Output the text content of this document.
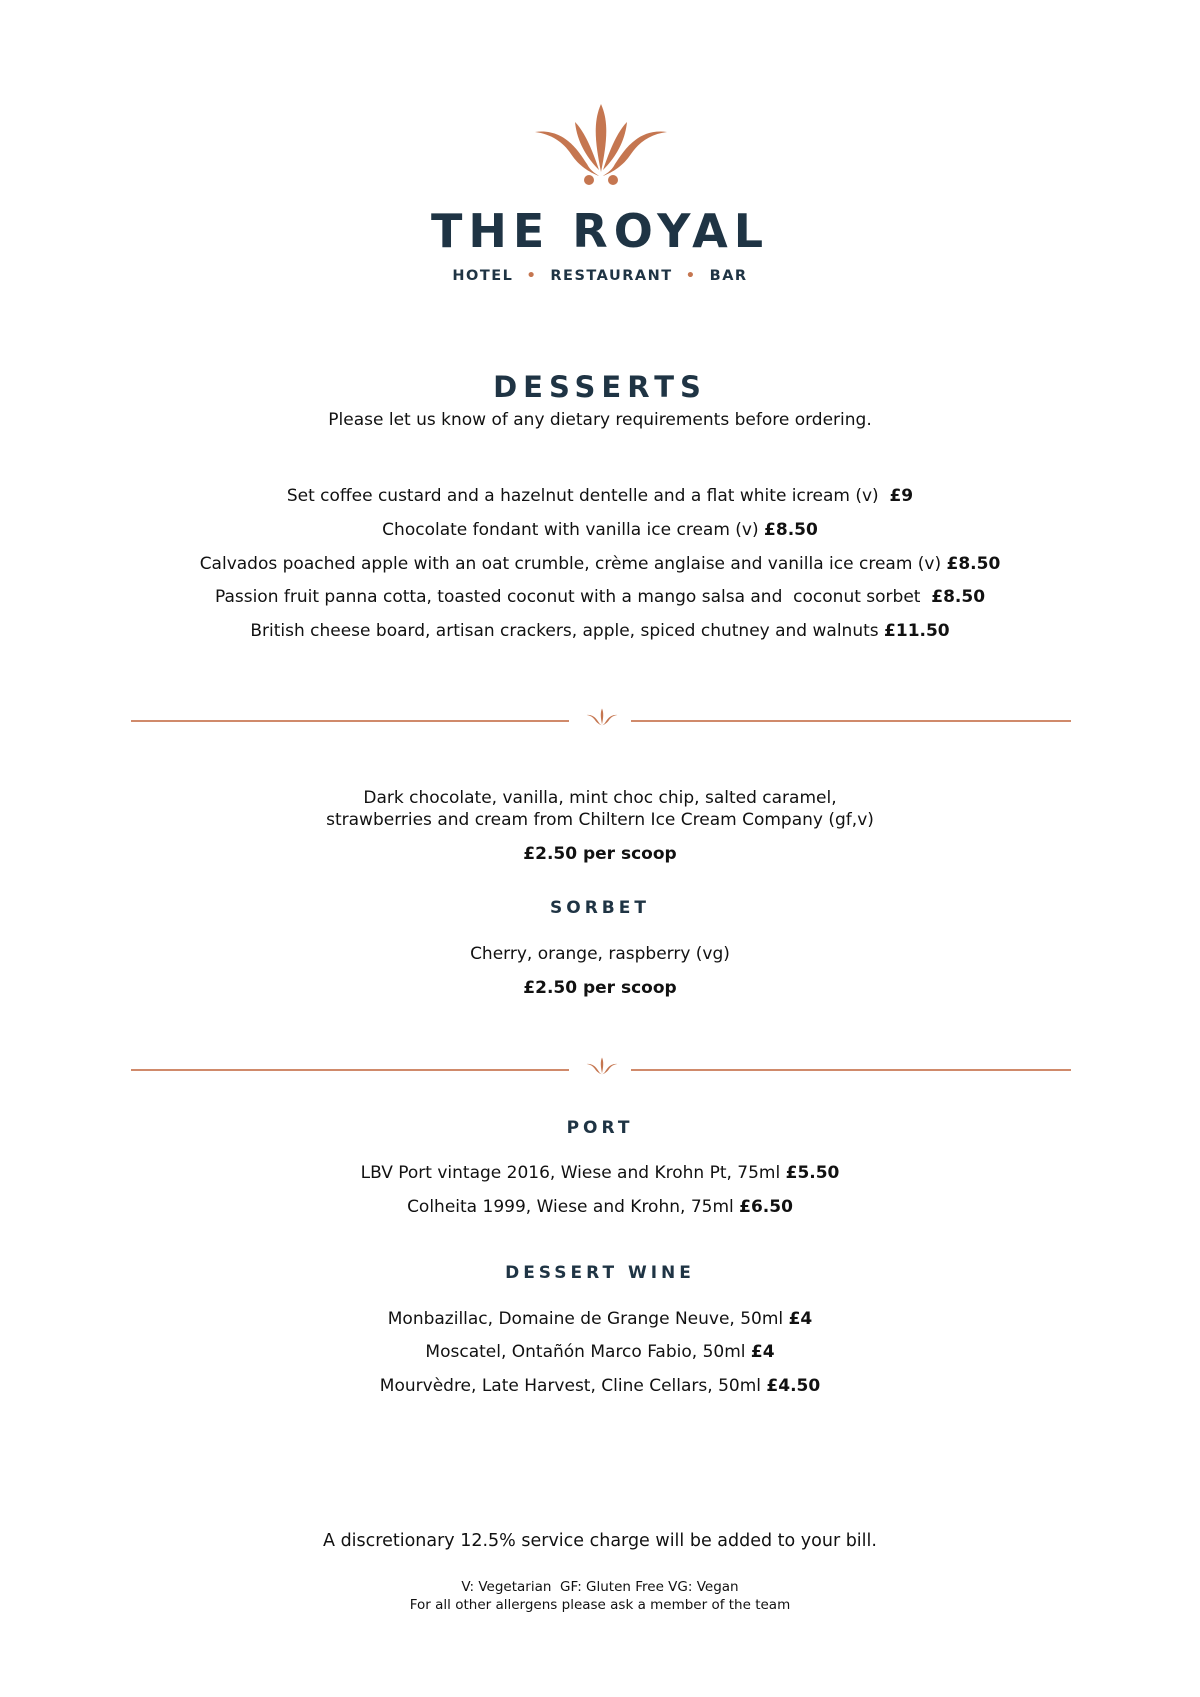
THE ROYAL
HOTEL  •  RESTAURANT  •  BAR
DESSERTS
Please let us know of any dietary requirements before ordering.
Set coffee custard and a hazelnut dentelle and a flat white icream (v)  £9
Chocolate fondant with vanilla ice cream (v) £8.50
Calvados poached apple with an oat crumble, crème anglaise and vanilla ice cream (v) £8.50
Passion fruit panna cotta, toasted coconut with a mango salsa and  coconut sorbet  £8.50
British cheese board, artisan crackers, apple, spiced chutney and walnuts £11.50
Dark chocolate, vanilla, mint choc chip, salted caramel,
strawberries and cream from Chiltern Ice Cream Company (gf,v)
£2.50 per scoop
SORBET
Cherry, orange, raspberry (vg)
£2.50 per scoop
PORT
LBV Port vintage 2016, Wiese and Krohn Pt, 75ml £5.50
Colheita 1999, Wiese and Krohn, 75ml £6.50
DESSERT WINE
Monbazillac, Domaine de Grange Neuve, 50ml £4
Moscatel, Ontañón Marco Fabio, 50ml £4
Mourvèdre, Late Harvest, Cline Cellars, 50ml £4.50
A discretionary 12.5% service charge will be added to your bill.
V: Vegetarian  GF: Gluten Free VG: Vegan
For all other allergens please ask a member of the team
